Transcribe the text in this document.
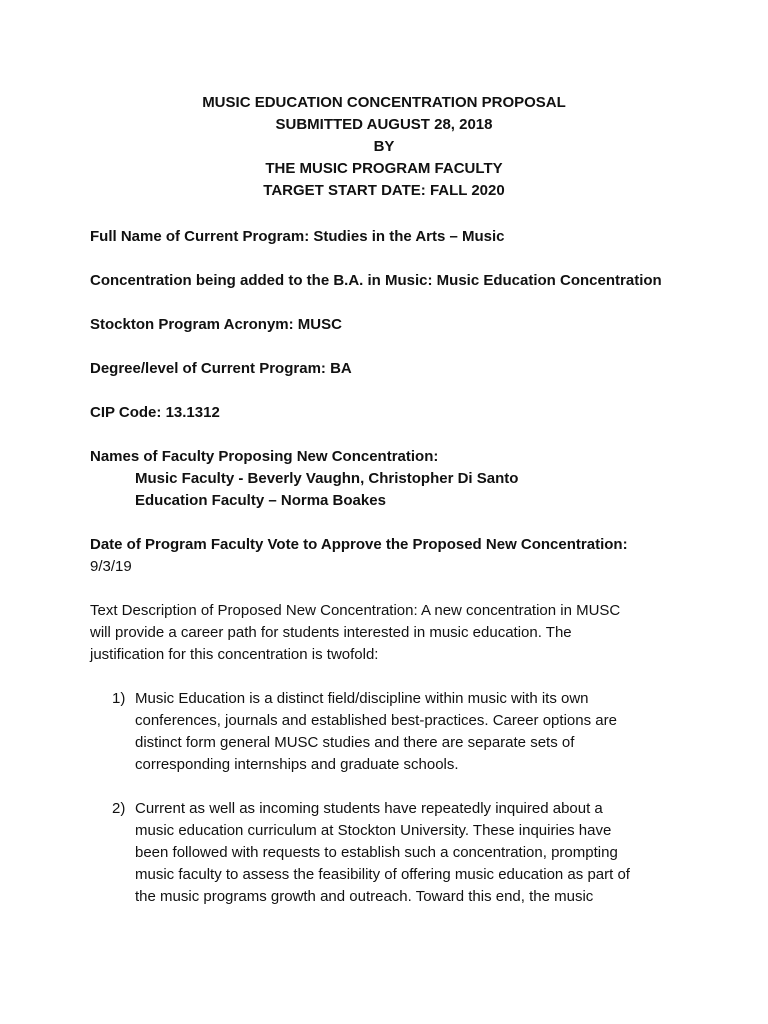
MUSIC EDUCATION CONCENTRATION PROPOSAL
SUBMITTED AUGUST 28, 2018
BY
THE MUSIC PROGRAM FACULTY
TARGET START DATE: FALL 2020
Full Name of Current Program: Studies in the Arts – Music
Concentration being added to the B.A. in Music: Music Education Concentration
Stockton Program Acronym: MUSC
Degree/level of Current Program: BA
CIP Code: 13.1312
Names of Faculty Proposing New Concentration:
Music Faculty - Beverly Vaughn, Christopher Di Santo
Education Faculty – Norma Boakes
Date of Program Faculty Vote to Approve the Proposed New Concentration:
9/3/19
Text Description of Proposed New Concentration: A new concentration in MUSC
will provide a career path for students interested in music education. The
justification for this concentration is twofold:
1) Music Education is a distinct field/discipline within music with its own
conferences, journals and established best-practices. Career options are
distinct form general MUSC studies and there are separate sets of
corresponding internships and graduate schools.
2) Current as well as incoming students have repeatedly inquired about a
music education curriculum at Stockton University. These inquiries have
been followed with requests to establish such a concentration, prompting
music faculty to assess the feasibility of offering music education as part of
the music programs growth and outreach. Toward this end, the music
